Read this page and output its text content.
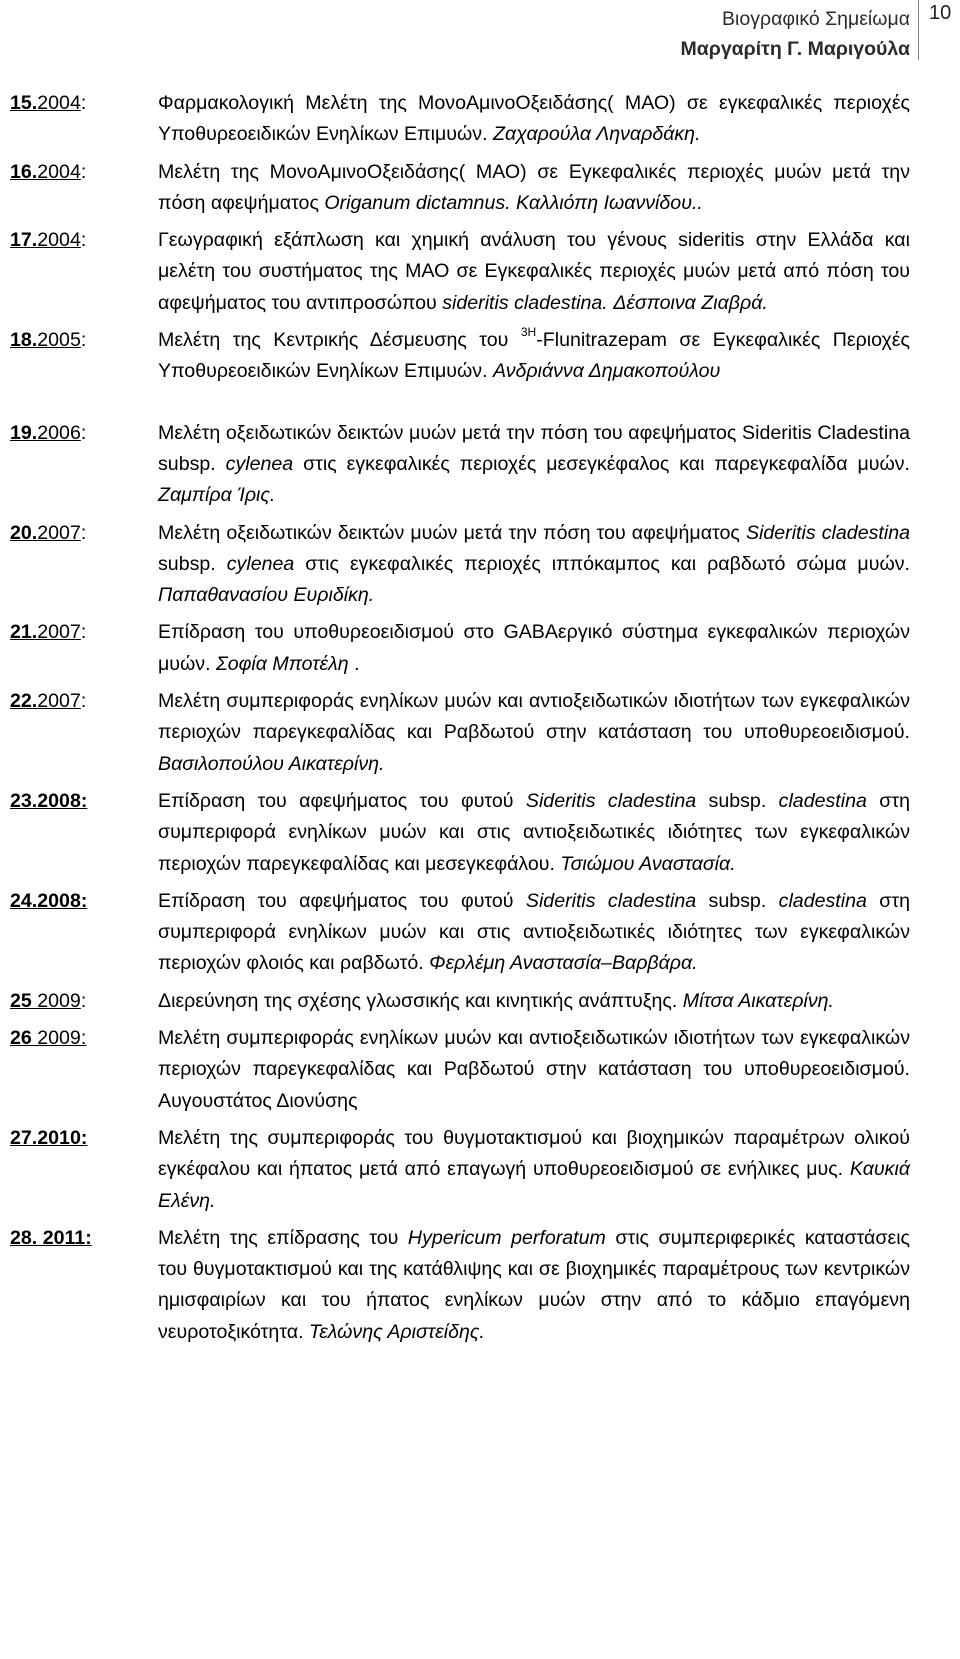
Βιογραφικό Σημείωμα
Μαργαρίτη Γ. Μαριγούλα
10
15.2004:	Φαρμακολογική Μελέτη της ΜονοΑμινοΟξειδάσης( ΜΑΟ) σε εγκεφαλικές περιοχές Υποθυρεοειδικών Ενηλίκων Επιμυών. Ζαχαρούλα Ληναρδάκη.
16.2004:	Μελέτη της ΜονοΑμινοΟξειδάσης( ΜΑΟ) σε Εγκεφαλικές περιοχές μυών μετά την πόση αφεψήματος Origanum dictamnus. Καλλιόπη Ιωαννίδου..
17.2004:	Γεωγραφική εξάπλωση και χημική ανάλυση του γένους sideritis στην Ελλάδα και μελέτη του συστήματος της ΜΑΟ σε Εγκεφαλικές περιοχές μυών μετά από πόση του αφεψήματος του αντιπροσώπου sideritis cladestina. Δέσποινα Ζιαβρά.
18.2005:	Μελέτη της Κεντρικής Δέσμευσης του $^{3H}$-Flunitrazepam σε Εγκεφαλικές Περιοχές Υποθυρεοειδικών Ενηλίκων Επιμυών. Ανδριάννα Δημακοπούλου
19.2006:	Μελέτη οξειδωτικών δεικτών μυών μετά την πόση του αφεψήματος Sideritis Cladestina subsp. cylenea στις εγκεφαλικές περιοχές μεσεγκέφαλος και παρεγκεφαλίδα μυών. Ζαμπίρα Ίρις.
20.2007:	Μελέτη οξειδωτικών δεικτών μυών μετά την πόση του αφεψήματος Sideritis cladestina subsp. cylenea στις εγκεφαλικές περιοχές ιππόκαμπος και ραβδωτό σώμα μυών. Παπαθανασίου Ευριδίκη.
21.2007:	Επίδραση του υποθυρεοειδισμού στο GABAεργικό σύστημα εγκεφαλικών περιοχών μυών. Σοφία Μποτέλη .
22.2007:	Μελέτη συμπεριφοράς ενηλίκων μυών και αντιοξειδωτικών ιδιοτήτων των εγκεφαλικών περιοχών παρεγκεφαλίδας και Ραβδωτού στην κατάσταση του υποθυρεοειδισμού. Βασιλοπούλου Αικατερίνη.
23.2008:	Επίδραση του αφεψήματος του φυτού Sideritis cladestina subsp. cladestina στη συμπεριφορά ενηλίκων μυών και στις αντιοξειδωτικές ιδιότητες των εγκεφαλικών περιοχών παρεγκεφαλίδας και μεσεγκεφάλου. Τσιώμου Αναστασία.
24.2008:	Επίδραση του αφεψήματος του φυτού Sideritis cladestina subsp. cladestina στη συμπεριφορά ενηλίκων μυών και στις αντιοξειδωτικές ιδιότητες των εγκεφαλικών περιοχών φλοιός και ραβδωτό. Φερλέμη Αναστασία–Βαρβάρα.
25 2009:	Διερεύνηση της σχέσης γλωσσικής και κινητικής ανάπτυξης. Μίτσα Αικατερίνη.
26 2009:	Μελέτη συμπεριφοράς ενηλίκων μυών και αντιοξειδωτικών ιδιοτήτων των εγκεφαλικών περιοχών παρεγκεφαλίδας και Ραβδωτού στην κατάσταση του υποθυρεοειδισμού. Αυγουστάτος Διονύσης
27.2010:	Μελέτη της συμπεριφοράς του θυγμοτακτισμού και βιοχημικών παραμέτρων ολικού εγκέφαλου και ήπατος μετά από επαγωγή υποθυρεοειδισμού σε ενήλικες μυς. Καυκιά Ελένη.
28. 2011:	Μελέτη της επίδρασης του Hypericum perforatum στις συμπεριφερικές καταστάσεις του θυγμοτακτισμού και της κατάθλιψης και σε βιοχημικές παραμέτρους των κεντρικών ημισφαιρίων και του ήπατος ενηλίκων μυών στην από το κάδμιο επαγόμενη νευροτοξικότητα. Τελώνης Αριστείδης.
